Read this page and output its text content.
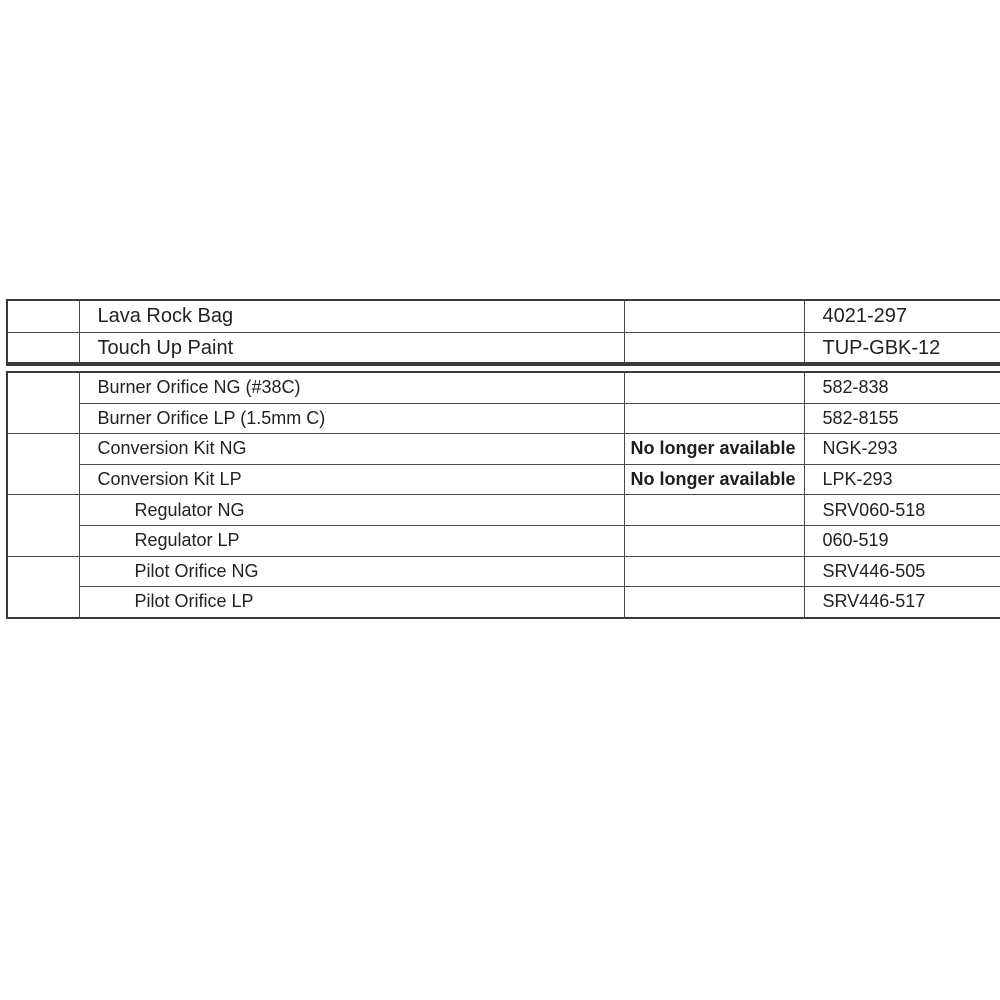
	Lava Rock Bag		4021-297
	Touch Up Paint		TUP-GBK-12
	Burner Orifice NG (#38C)		582-838
	Burner Orifice LP (1.5mm C)		582-8155
	Conversion Kit NG	No longer available	NGK-293
	Conversion Kit LP	No longer available	LPK-293
	Regulator NG		SRV060-518
	Regulator LP		060-519
	Pilot Orifice NG		SRV446-505
	Pilot Orifice LP		SRV446-517
